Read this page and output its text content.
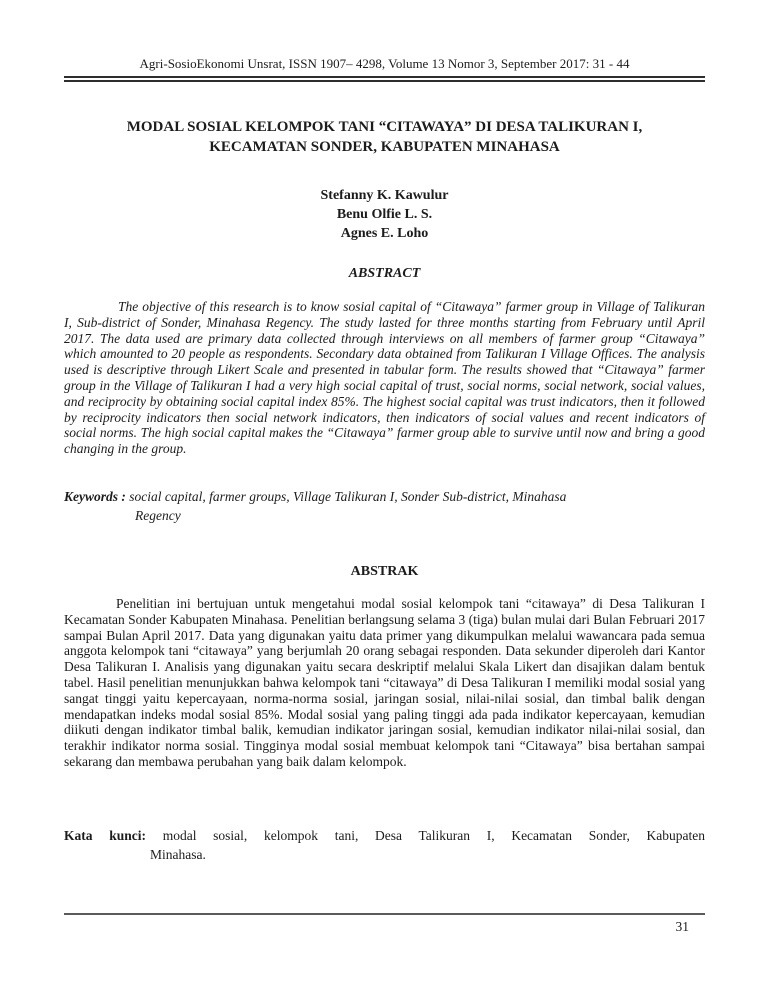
Agri-SosioEkonomi Unsrat, ISSN 1907– 4298, Volume 13 Nomor 3, September 2017: 31 - 44
MODAL SOSIAL KELOMPOK TANI “CITAWAYA” DI DESA TALIKURAN I,
KECAMATAN SONDER, KABUPATEN MINAHASA
Stefanny K. Kawulur
Benu Olfie L. S.
Agnes E. Loho
ABSTRACT
The objective of this research is to know sosial capital of “Citawaya” farmer group in Village of Talikuran I, Sub-district of Sonder, Minahasa Regency. The study lasted for three months starting from February until April 2017. The data used are primary data collected through interviews on all members of farmer group “Citawaya” which amounted to 20 people as respondents. Secondary data obtained from Talikuran I Village Offices. The analysis used is descriptive through Likert Scale and presented in tabular form. The results showed that “Citawaya” farmer group in the Village of Talikuran I had a very high social capital of trust, social norms, social network, social values, and reciprocity by obtaining social capital index 85%. The highest social capital was trust indicators, then it followed by reciprocity indicators then social network indicators, then indicators of social values and recent indicators of social norms. The high social capital makes the “Citawaya” farmer group able to survive until now and bring a good changing in the group.
Keywords : social capital, farmer groups, Village Talikuran I, Sonder Sub-district, Minahasa
Regency
ABSTRAK
Penelitian ini bertujuan untuk mengetahui modal sosial kelompok tani “citawaya” di Desa Talikuran I Kecamatan Sonder Kabupaten Minahasa. Penelitian berlangsung selama 3 (tiga) bulan mulai dari Bulan Februari 2017 sampai Bulan April 2017. Data yang digunakan yaitu data primer yang dikumpulkan melalui wawancara pada semua anggota kelompok tani “citawaya” yang berjumlah 20 orang sebagai responden. Data sekunder diperoleh dari Kantor Desa Talikuran I. Analisis yang digunakan yaitu secara deskriptif melalui Skala Likert dan disajikan dalam bentuk tabel. Hasil penelitian menunjukkan bahwa kelompok tani “citawaya” di Desa Talikuran I memiliki modal sosial yang sangat tinggi yaitu kepercayaan, norma-norma sosial, jaringan sosial, nilai-nilai sosial, dan timbal balik dengan mendapatkan indeks modal sosial 85%. Modal sosial yang paling tinggi ada pada indikator kepercayaan, kemudian diikuti dengan indikator timbal balik, kemudian indikator jaringan sosial, kemudian indikator nilai-nilai sosial, dan terakhir indikator norma sosial. Tingginya modal sosial membuat kelompok tani “Citawaya” bisa bertahan sampai sekarang dan membawa perubahan yang baik dalam kelompok.
Kata kunci: modal sosial, kelompok tani, Desa Talikuran I, Kecamatan Sonder, Kabupaten
Minahasa.
31
